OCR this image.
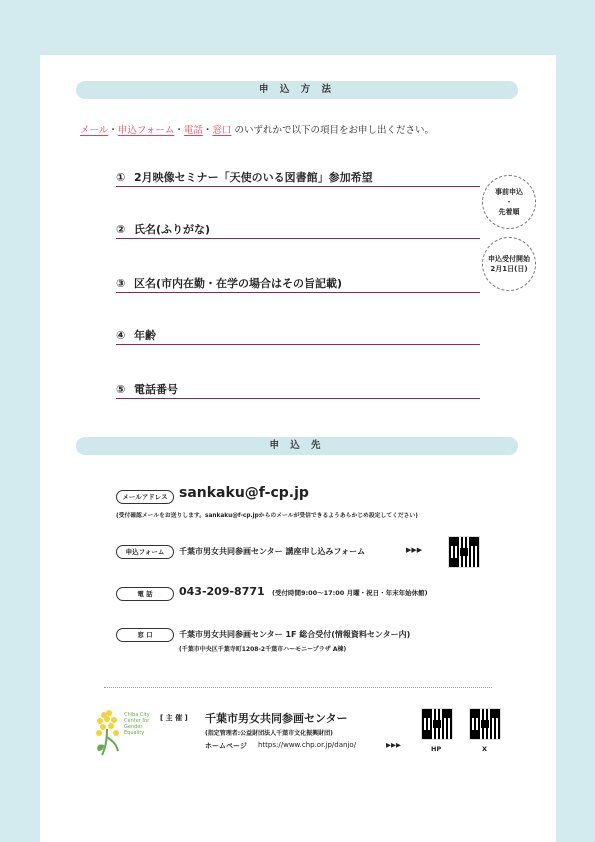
申 込 方 法
メール・申込フォーム・電話・窓口 のいずれかで以下の項目をお申し出ください。
① 2月映像セミナー「天使のいる図書館」参加希望
② 氏名(ふりがな)
③ 区名(市内在勤・在学の場合はその旨記載)
④ 年齢
⑤ 電話番号
事前申込
・
先着順
申込受付開始
2月1日(日)
申 込 先
メールアドレス sankaku@f-cp.jp
(受付確認メールをお送りします。sankaku@f-cp.jpからのメールが受信できるようあらかじめ設定してください)
申込フォーム	千葉市男女共同参画センター 講座申し込みフォーム	▶▶▶
電 話	043-209-8771 (受付時間9:00～17:00 月曜・祝日・年末年始休館)
窓 口	千葉市男女共同参画センター 1F 総合受付(情報資料センター内)
(千葉市中央区千葉寺町1208-2千葉市ハーモニープラザ A棟)
Chiba City Center for Gender Equality
[ 主 催 ] 千葉市男女共同参画センター
(指定管理者:公益財団法人千葉市文化振興財団)
ホームページ https://www.chp.or.jp/danjo/	▶▶▶	HP	X
